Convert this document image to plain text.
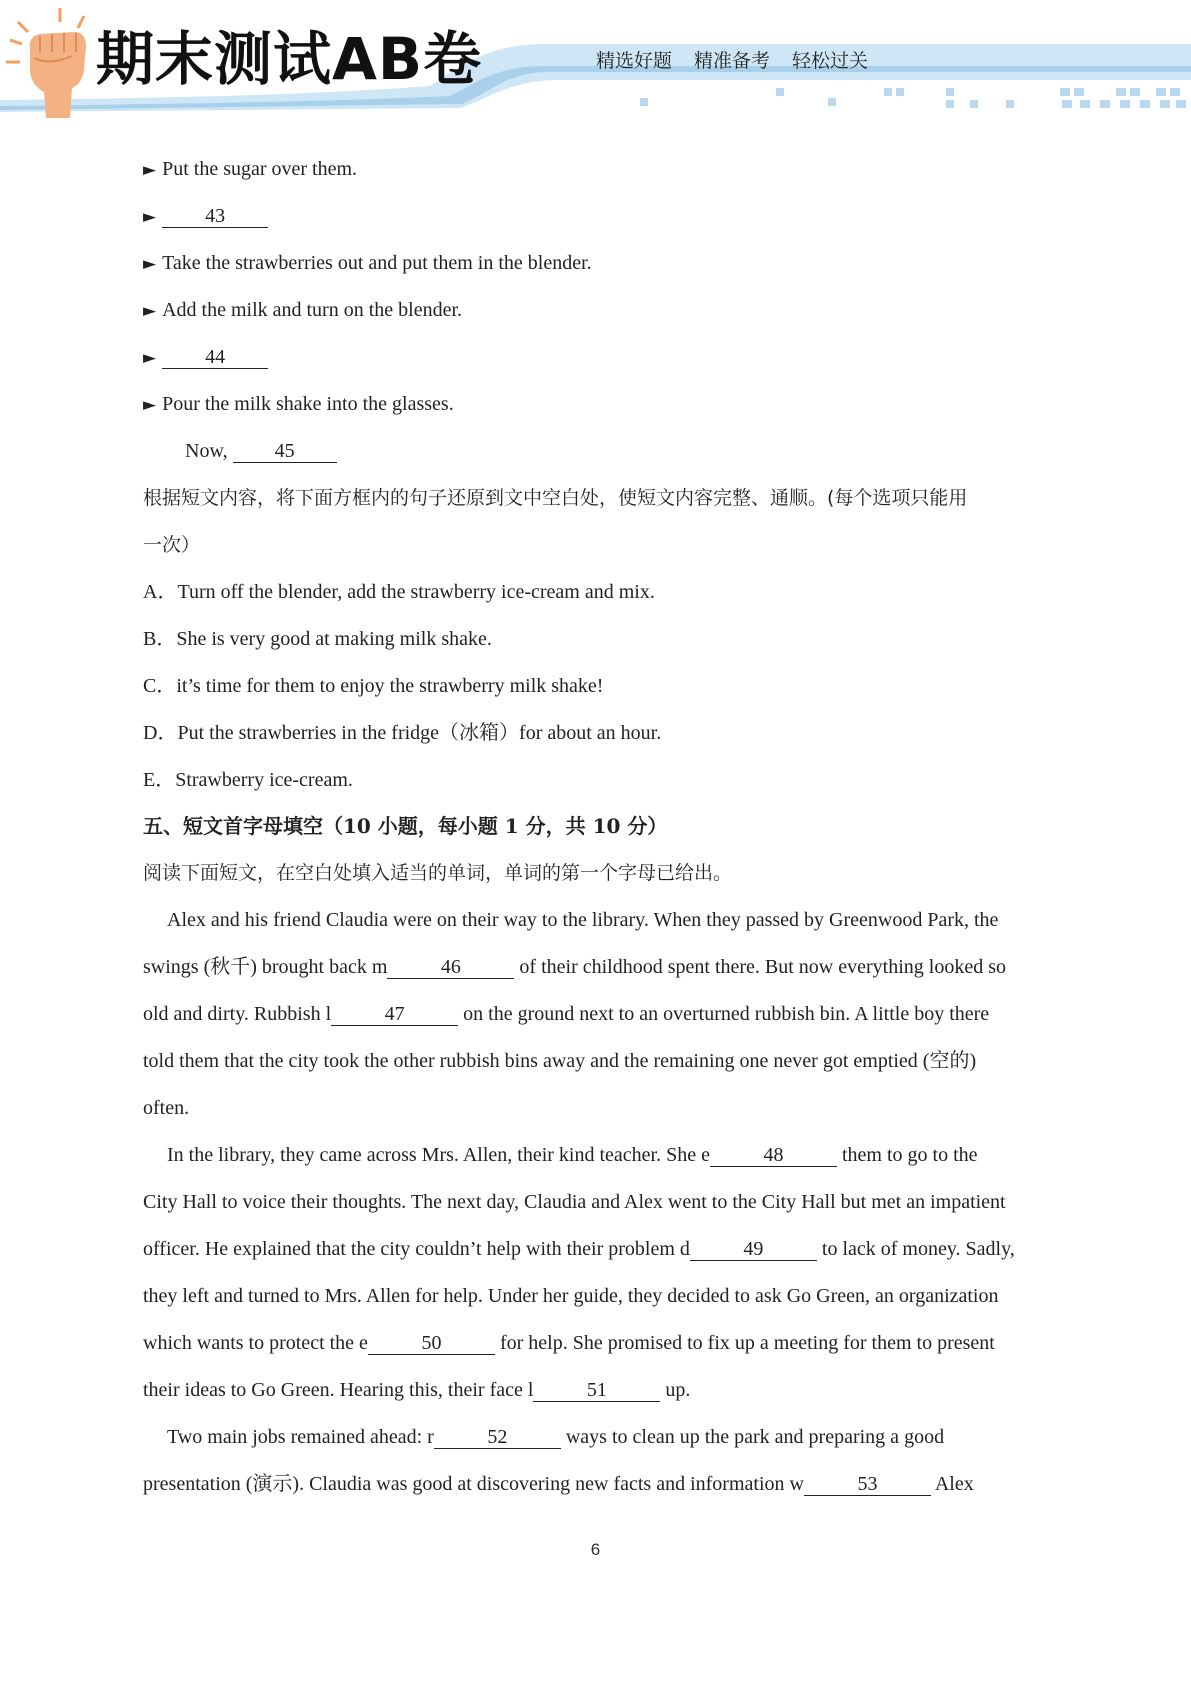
期末测试AB卷	精选好题 精准备考 轻松过关
► Put the sugar over them.
► 43
► Take the strawberries out and put them in the blender.
► Add the milk and turn on the blender.
► 44
► Pour the milk shake into the glasses.
Now, 45
根据短文内容，将下面方框内的句子还原到文中空白处，使短文内容完整、通顺。(每个选项只能用
一次）
A．Turn off the blender, add the strawberry ice-cream and mix.
B．She is very good at making milk shake.
C．it’s time for them to enjoy the strawberry milk shake!
D．Put the strawberries in the fridge（冰箱）for about an hour.
E．Strawberry ice-cream.
五、短文首字母填空（10 小题，每小题 1 分，共 10 分）
阅读下面短文，在空白处填入适当的单词，单词的第一个字母已给出。
Alex and his friend Claudia were on their way to the library. When they passed by Greenwood Park, the
swings (秋千) brought back m	46	of their childhood spent there. But now everything looked so
old and dirty. Rubbish l	47	on the ground next to an overturned rubbish bin. A little boy there
told them that the city took the other rubbish bins away and the remaining one never got emptied (空的)
often.
In the library, they came across Mrs. Allen, their kind teacher. She e	48	them to go to the
City Hall to voice their thoughts. The next day, Claudia and Alex went to the City Hall but met an impatient
officer. He explained that the city couldn’t help with their problem d	49	to lack of money. Sadly,
they left and turned to Mrs. Allen for help. Under her guide, they decided to ask Go Green, an organization
which wants to protect the e	50	for help. She promised to fix up a meeting for them to present
their ideas to Go Green. Hearing this, their face l	51	up.
Two main jobs remained ahead: r	52	ways to clean up the park and preparing a good
presentation (演示). Claudia was good at discovering new facts and information w	53	Alex
6
